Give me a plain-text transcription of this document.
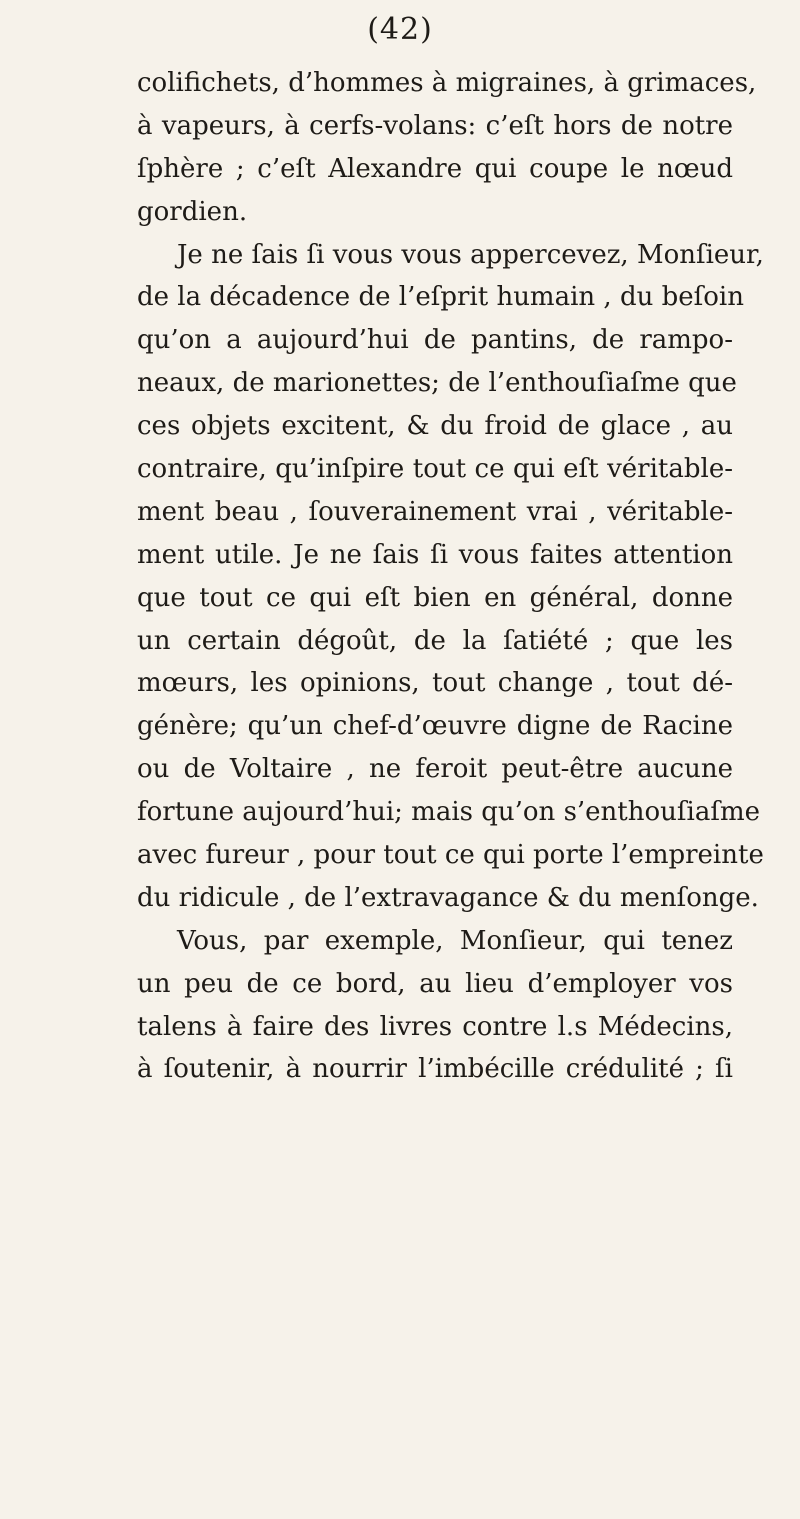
(42)
colifichets, d’hommes à migraines, à grimaces,
à vapeurs, à cerfs-volans: c’eſt hors de notre
ſphère ; c’eſt Alexandre qui coupe le nœud
gordien.
Je ne ſais ſi vous vous appercevez, Monſieur,
de la décadence de l’eſprit humain , du beſoin
qu’on a aujourd’hui de pantins, de rampo-
neaux, de marionettes; de l’enthouſiaſme que
ces objets excitent, & du froid de glace , au
contraire, qu’inſpire tout ce qui eſt véritable-
ment beau , ſouverainement vrai , véritable-
ment utile. Je ne ſais ſi vous faites attention
que tout ce qui eſt bien en général, donne
un certain dégoût, de la ſatiété ; que les
mœurs, les opinions, tout change , tout dé-
génère; qu’un chef-d’œuvre digne de Racine
ou de Voltaire , ne feroit peut-être aucune
fortune aujourd’hui; mais qu’on s’enthouſiaſme
avec fureur , pour tout ce qui porte l’empreinte
du ridicule , de l’extravagance & du menſonge.
Vous, par exemple, Monſieur, qui tenez
un peu de ce bord, au lieu d’employer vos
talens à faire des livres contre l.s Médecins,
à ſoutenir, à nourrir l’imbécille crédulité ; ſi
